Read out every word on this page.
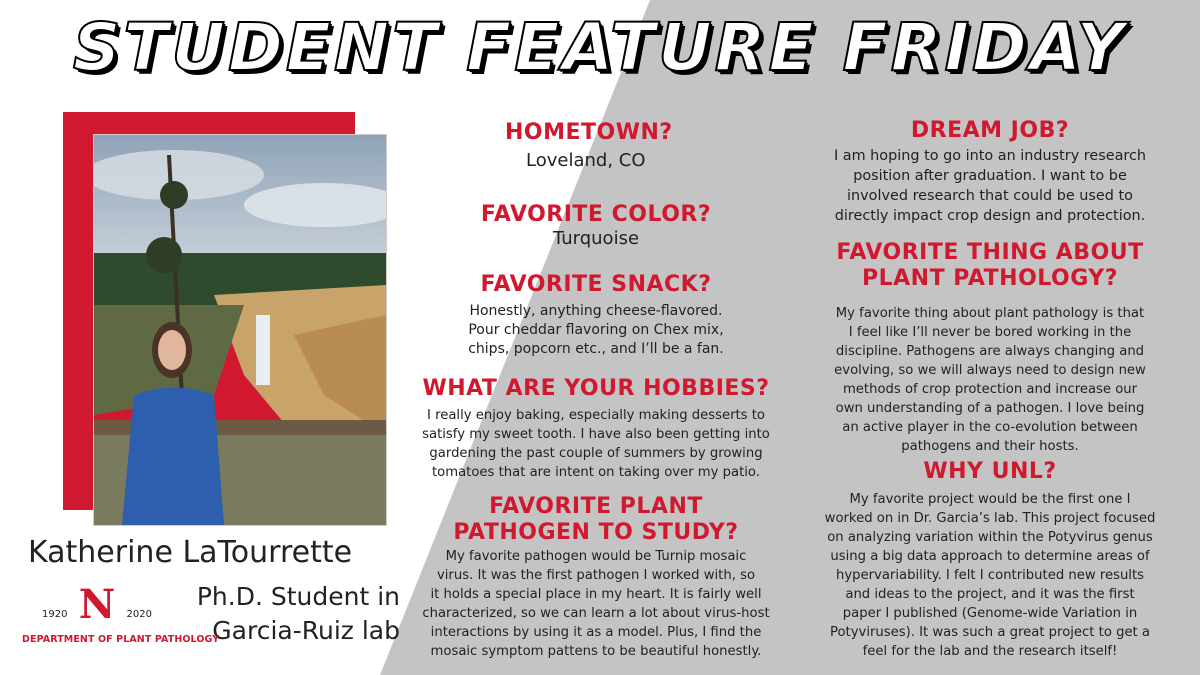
STUDENT FEATURE FRIDAY
Katherine LaTourrette
Ph.D. Student in
Garcia-Ruiz lab
N
1920	2020
DEPARTMENT OF PLANT PATHOLOGY
HOMETOWN?
Loveland, CO
FAVORITE COLOR?
Turquoise
FAVORITE SNACK?
Honestly, anything cheese-flavored.
Pour cheddar flavoring on Chex mix,
chips, popcorn etc., and I’ll be a fan.
WHAT ARE YOUR HOBBIES?
I really enjoy baking, especially making desserts to
satisfy my sweet tooth. I have also been getting into
gardening the past couple of summers by growing
tomatoes that are intent on taking over my patio.
FAVORITE PLANT
PATHOGEN TO STUDY?
My favorite pathogen would be Turnip mosaic
virus. It was the first pathogen I worked with, so
it holds a special place in my heart. It is fairly well
characterized, so we can learn a lot about virus-host
interactions by using it as a model. Plus, I find the
mosaic symptom pattens to be beautiful honestly.
DREAM JOB?
I am hoping to go into an industry research
position after graduation. I want to be
involved research that could be used to
directly impact crop design and protection.
FAVORITE THING ABOUT
PLANT PATHOLOGY?
My favorite thing about plant pathology is that
I feel like I’ll never be bored working in the
discipline. Pathogens are always changing and
evolving, so we will always need to design new
methods of crop protection and increase our
own understanding of a pathogen. I love being
an active player in the co-evolution between
pathogens and their hosts.
WHY UNL?
My favorite project would be the first one I
worked on in Dr. Garcia’s lab. This project focused
on analyzing variation within the Potyvirus genus
using a big data approach to determine areas of
hypervariability. I felt I contributed new results
and ideas to the project, and it was the first
paper I published (Genome-wide Variation in
Potyviruses). It was such a great project to get a
feel for the lab and the research itself!
